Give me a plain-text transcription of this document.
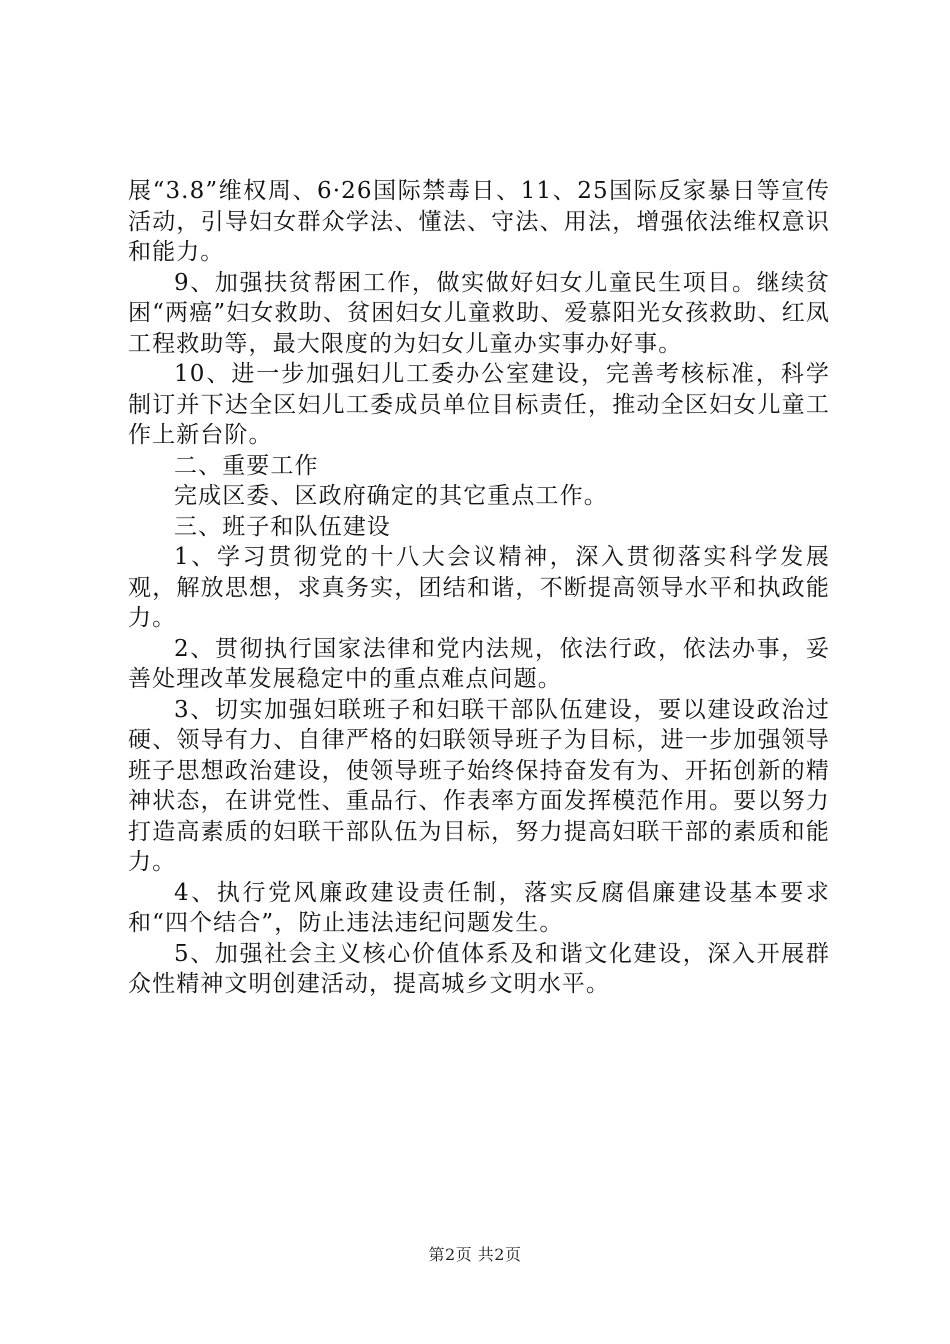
展“3.8”维权周、6·26国际禁毒日、11、25国际反家暴日等宣传活动，引导妇女群众学法、懂法、守法、用法，增强依法维权意识和能力。

9、加强扶贫帮困工作，做实做好妇女儿童民生项目。继续贫困“两癌”妇女救助、贫困妇女儿童救助、爱慕阳光女孩救助、红凤工程救助等，最大限度的为妇女儿童办实事办好事。

10、进一步加强妇儿工委办公室建设，完善考核标准，科学制订并下达全区妇儿工委成员单位目标责任，推动全区妇女儿童工作上新台阶。

二、重要工作

完成区委、区政府确定的其它重点工作。

三、班子和队伍建设

1、学习贯彻党的十八大会议精神，深入贯彻落实科学发展观，解放思想，求真务实，团结和谐，不断提高领导水平和执政能力。

2、贯彻执行国家法律和党内法规，依法行政，依法办事，妥善处理改革发展稳定中的重点难点问题。

3、切实加强妇联班子和妇联干部队伍建设，要以建设政治过硬、领导有力、自律严格的妇联领导班子为目标，进一步加强领导班子思想政治建设，使领导班子始终保持奋发有为、开拓创新的精神状态，在讲党性、重品行、作表率方面发挥模范作用。要以努力打造高素质的妇联干部队伍为目标，努力提高妇联干部的素质和能力。

4、执行党风廉政建设责任制，落实反腐倡廉建设基本要求和“四个结合”，防止违法违纪问题发生。

5、加强社会主义核心价值体系及和谐文化建设，深入开展群众性精神文明创建活动，提高城乡文明水平。

第2页 共2页
